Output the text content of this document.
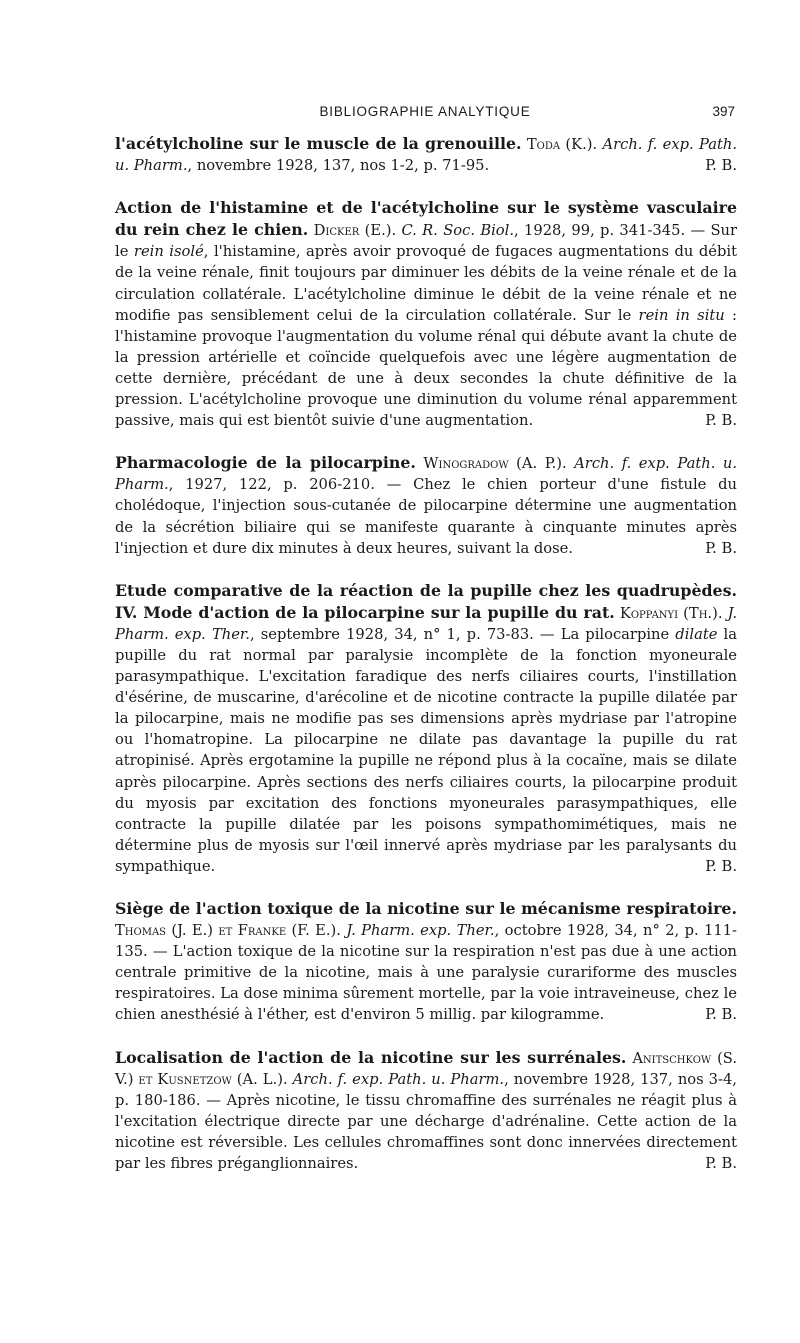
BIBLIOGRAPHIE ANALYTIQUE	397

l'acétylcholine sur le muscle de la grenouille. Toda (K.). Arch. f. exp. Path. u. Pharm., novembre 1928, 137, nos 1-2, p. 71-95.	P. B.

Action de l'histamine et de l'acétylcholine sur le système vasculaire du rein chez le chien. Dicker (E.). C. R. Soc. Biol., 1928, 99, p. 341-345. — Sur le rein isolé, l'histamine, après avoir provoqué de fugaces augmentations du débit de la veine rénale, finit toujours par diminuer les débits de la veine rénale et de la circulation collatérale. L'acétylcholine diminue le débit de la veine rénale et ne modifie pas sensiblement celui de la circulation collatérale. Sur le rein in situ : l'histamine provoque l'augmentation du volume rénal qui débute avant la chute de la pression artérielle et coïncide quelquefois avec une légère augmentation de cette dernière, précédant de une à deux secondes la chute définitive de la pression. L'acétylcholine provoque une diminution du volume rénal apparemment passive, mais qui est bientôt suivie d'une augmentation.	P. B.

Pharmacologie de la pilocarpine. Winogradow (A. P.). Arch. f. exp. Path. u. Pharm., 1927, 122, p. 206-210. — Chez le chien porteur d'une fistule du cholédoque, l'injection sous-cutanée de pilocarpine détermine une augmentation de la sécrétion biliaire qui se manifeste quarante à cinquante minutes après l'injection et dure dix minutes à deux heures, suivant la dose.	P. B.

Etude comparative de la réaction de la pupille chez les quadrupèdes. IV. Mode d'action de la pilocarpine sur la pupille du rat. Koppanyi (Th.). J. Pharm. exp. Ther., septembre 1928, 34, n° 1, p. 73-83. — La pilocarpine dilate la pupille du rat normal par paralysie incomplète de la fonction myoneurale parasympathique. L'excitation faradique des nerfs ciliaires courts, l'instillation d'ésérine, de muscarine, d'arécoline et de nicotine contracte la pupille dilatée par la pilocarpine, mais ne modifie pas ses dimensions après mydriase par l'atropine ou l'homatropine. La pilocarpine ne dilate pas davantage la pupille du rat atropinisé. Après ergotamine la pupille ne répond plus à la cocaïne, mais se dilate après pilocarpine. Après sections des nerfs ciliaires courts, la pilocarpine produit du myosis par excitation des fonctions myoneurales parasympathiques, elle contracte la pupille dilatée par les poisons sympathomimétiques, mais ne détermine plus de myosis sur l'œil innervé après mydriase par les paralysants du sympathique.	P. B.

Siège de l'action toxique de la nicotine sur le mécanisme respiratoire. Thomas (J. E.) et Franke (F. E.). J. Pharm. exp. Ther., octobre 1928, 34, n° 2, p. 111-135. — L'action toxique de la nicotine sur la respiration n'est pas due à une action centrale primitive de la nicotine, mais à une paralysie curariforme des muscles respiratoires. La dose minima sûrement mortelle, par la voie intraveineuse, chez le chien anesthésié à l'éther, est d'environ 5 millig. par kilogramme.	P. B.

Localisation de l'action de la nicotine sur les surrénales. Anitschkow (S. V.) et Kusnetzow (A. L.). Arch. f. exp. Path. u. Pharm., novembre 1928, 137, nos 3-4, p. 180-186. — Après nicotine, le tissu chromaffine des surrénales ne réagit plus à l'excitation électrique directe par une décharge d'adrénaline. Cette action de la nicotine est réversible. Les cellules chromaffines sont donc innervées directement par les fibres préganglionnaires.	P. B.
